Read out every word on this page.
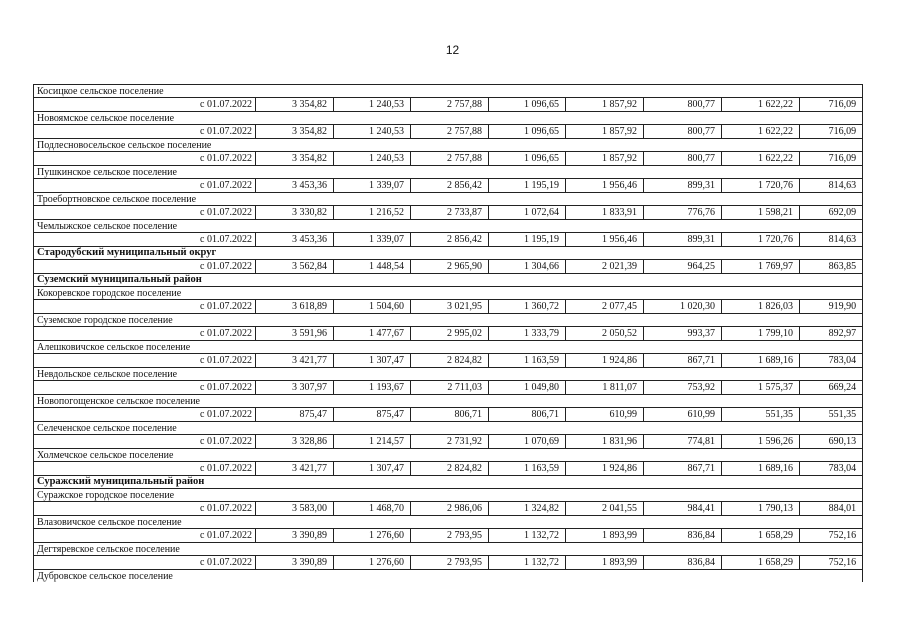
12
Косицкое сельское поселение								
с 01.07.2022	3 354,82	1 240,53	2 757,88	1 096,65	1 857,92	800,77	1 622,22	716,09
Новоямское сельское поселение								
с 01.07.2022	3 354,82	1 240,53	2 757,88	1 096,65	1 857,92	800,77	1 622,22	716,09
Подлесновосельское сельское поселение								
с 01.07.2022	3 354,82	1 240,53	2 757,88	1 096,65	1 857,92	800,77	1 622,22	716,09
Пушкинское сельское поселение								
с 01.07.2022	3 453,36	1 339,07	2 856,42	1 195,19	1 956,46	899,31	1 720,76	814,63
Троебортновское сельское поселение								
с 01.07.2022	3 330,82	1 216,52	2 733,87	1 072,64	1 833,91	776,76	1 598,21	692,09
Чемлыжское сельское поселение								
с 01.07.2022	3 453,36	1 339,07	2 856,42	1 195,19	1 956,46	899,31	1 720,76	814,63
Стародубский муниципальный округ								
с 01.07.2022	3 562,84	1 448,54	2 965,90	1 304,66	2 021,39	964,25	1 769,97	863,85
Суземский муниципальный район								
Кокоревское городское поселение								
с 01.07.2022	3 618,89	1 504,60	3 021,95	1 360,72	2 077,45	1 020,30	1 826,03	919,90
Суземское городское поселение								
с 01.07.2022	3 591,96	1 477,67	2 995,02	1 333,79	2 050,52	993,37	1 799,10	892,97
Алешковичское сельское поселение								
с 01.07.2022	3 421,77	1 307,47	2 824,82	1 163,59	1 924,86	867,71	1 689,16	783,04
Невдольское сельское поселение								
с 01.07.2022	3 307,97	1 193,67	2 711,03	1 049,80	1 811,07	753,92	1 575,37	669,24
Новопогощенское сельское поселение								
с 01.07.2022	875,47	875,47	806,71	806,71	610,99	610,99	551,35	551,35
Селеченское сельское поселение								
с 01.07.2022	3 328,86	1 214,57	2 731,92	1 070,69	1 831,96	774,81	1 596,26	690,13
Холмечское сельское поселение								
с 01.07.2022	3 421,77	1 307,47	2 824,82	1 163,59	1 924,86	867,71	1 689,16	783,04
Суражский муниципальный район								
Суражское городское поселение								
с 01.07.2022	3 583,00	1 468,70	2 986,06	1 324,82	2 041,55	984,41	1 790,13	884,01
Влазовичское сельское поселение								
с 01.07.2022	3 390,89	1 276,60	2 793,95	1 132,72	1 893,99	836,84	1 658,29	752,16
Дегтяревское сельское поселение								
с 01.07.2022	3 390,89	1 276,60	2 793,95	1 132,72	1 893,99	836,84	1 658,29	752,16
Дубровское сельское поселение								
